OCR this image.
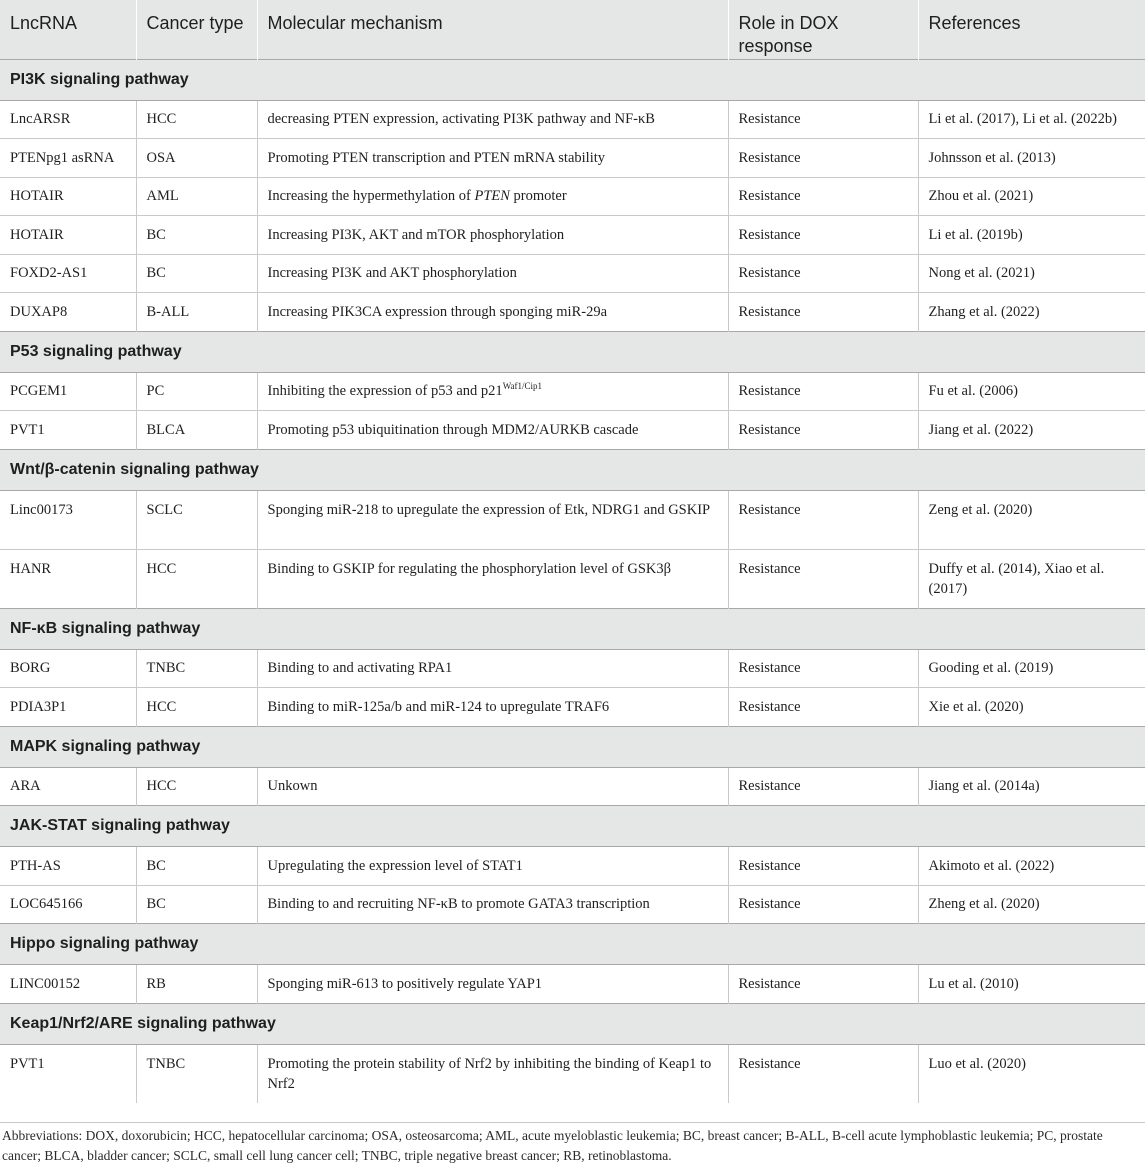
LncRNA	Cancer type	Molecular mechanism	Role in DOX response	References
PI3K signaling pathway				
LncARSR	HCC	decreasing PTEN expression, activating PI3K pathway and NF-κB	Resistance	Li et al. (2017), Li et al. (2022b)
PTENpg1 asRNA	OSA	Promoting PTEN transcription and PTEN mRNA stability	Resistance	Johnsson et al. (2013)
HOTAIR	AML	Increasing the hypermethylation of PTEN promoter	Resistance	Zhou et al. (2021)
HOTAIR	BC	Increasing PI3K, AKT and mTOR phosphorylation	Resistance	Li et al. (2019b)
FOXD2-AS1	BC	Increasing PI3K and AKT phosphorylation	Resistance	Nong et al. (2021)
DUXAP8	B-ALL	Increasing PIK3CA expression through sponging miR-29a	Resistance	Zhang et al. (2022)
P53 signaling pathway				
PCGEM1	PC	Inhibiting the expression of p53 and $p21^{Waf1/Cip1}$	Resistance	Fu et al. (2006)
PVT1	BLCA	Promoting p53 ubiquitination through MDM2/AURKB cascade	Resistance	Jiang et al. (2022)
Wnt/β-catenin signaling pathway				
Linc00173	SCLC	Sponging miR-218 to upregulate the expression of Etk, NDRG1 and GSKIP	Resistance	Zeng et al. (2020)
HANR	HCC	Binding to GSKIP for regulating the phosphorylation level of GSK3β	Resistance	Duffy et al. (2014), Xiao et al. (2017)
NF-κB signaling pathway				
BORG	TNBC	Binding to and activating RPA1	Resistance	Gooding et al. (2019)
PDIA3P1	HCC	Binding to miR-125a/b and miR-124 to upregulate TRAF6	Resistance	Xie et al. (2020)
MAPK signaling pathway				
ARA	HCC	Unkown	Resistance	Jiang et al. (2014a)
JAK-STAT signaling pathway				
PTH-AS	BC	Upregulating the expression level of STAT1	Resistance	Akimoto et al. (2022)
LOC645166	BC	Binding to and recruiting NF-κB to promote GATA3 transcription	Resistance	Zheng et al. (2020)
Hippo signaling pathway				
LINC00152	RB	Sponging miR-613 to positively regulate YAP1	Resistance	Lu et al. (2010)
Keap1/Nrf2/ARE signaling pathway				
PVT1	TNBC	Promoting the protein stability of Nrf2 by inhibiting the binding of Keap1 to Nrf2	Resistance	Luo et al. (2020)
Abbreviations: DOX, doxorubicin; HCC, hepatocellular carcinoma; OSA, osteosarcoma; AML, acute myeloblastic leukemia; BC, breast cancer; B-ALL, B-cell acute lymphoblastic leukemia; PC, prostate cancer; BLCA, bladder cancer; SCLC, small cell lung cancer cell; TNBC, triple negative breast cancer; RB, retinoblastoma.
